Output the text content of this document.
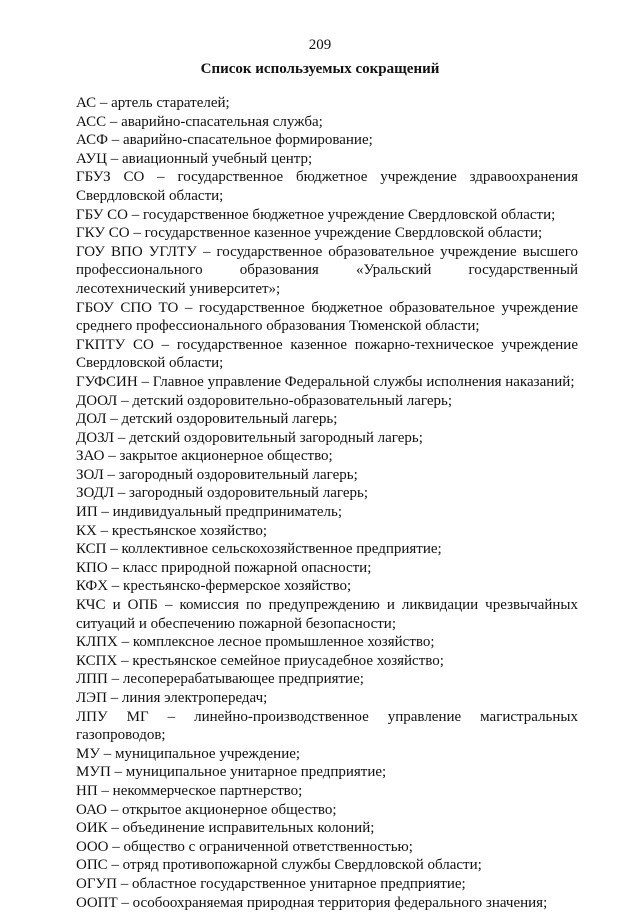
209
Список используемых сокращений
АС – артель старателей;
АСС – аварийно-спасательная служба;
АСФ – аварийно-спасательное формирование;
АУЦ – авиационный учебный центр;
ГБУЗ СО – государственное бюджетное учреждение здравоохранения Свердловской области;
ГБУ СО – государственное бюджетное учреждение Свердловской области;
ГКУ СО – государственное казенное учреждение Свердловской области;
ГОУ ВПО УГЛТУ – государственное образовательное учреждение высшего профессионального образования «Уральский государственный лесотехнический университет»;
ГБОУ СПО ТО – государственное бюджетное образовательное учреждение среднего профессионального образования Тюменской области;
ГКПТУ СО – государственное казенное пожарно-техническое учреждение Свердловской области;
ГУФСИН – Главное управление Федеральной службы исполнения наказаний;
ДООЛ – детский оздоровительно-образовательный лагерь;
ДОЛ – детский оздоровительный лагерь;
ДОЗЛ – детский оздоровительный загородный лагерь;
ЗАО – закрытое акционерное общество;
ЗОЛ – загородный оздоровительный лагерь;
ЗОДЛ – загородный оздоровительный лагерь;
ИП – индивидуальный предприниматель;
КХ – крестьянское хозяйство;
КСП – коллективное сельскохозяйственное предприятие;
КПО – класс природной пожарной опасности;
КФХ – крестьянско-фермерское хозяйство;
КЧС и ОПБ – комиссия по предупреждению и ликвидации чрезвычайных ситуаций и обеспечению пожарной безопасности;
КЛПХ – комплексное лесное промышленное хозяйство;
КСПХ – крестьянское семейное приусадебное хозяйство;
ЛПП – лесоперерабатывающее предприятие;
ЛЭП – линия электропередач;
ЛПУ МГ – линейно-производственное управление магистральных газопроводов;
МУ – муниципальное учреждение;
МУП – муниципальное унитарное предприятие;
НП – некоммерческое партнерство;
ОАО – открытое акционерное общество;
ОИК – объединение исправительных колоний;
ООО – общество с ограниченной ответственностью;
ОПС – отряд противопожарной службы Свердловской области;
ОГУП – областное государственное унитарное предприятие;
ООПТ – особоохраняемая природная территория федерального значения;
